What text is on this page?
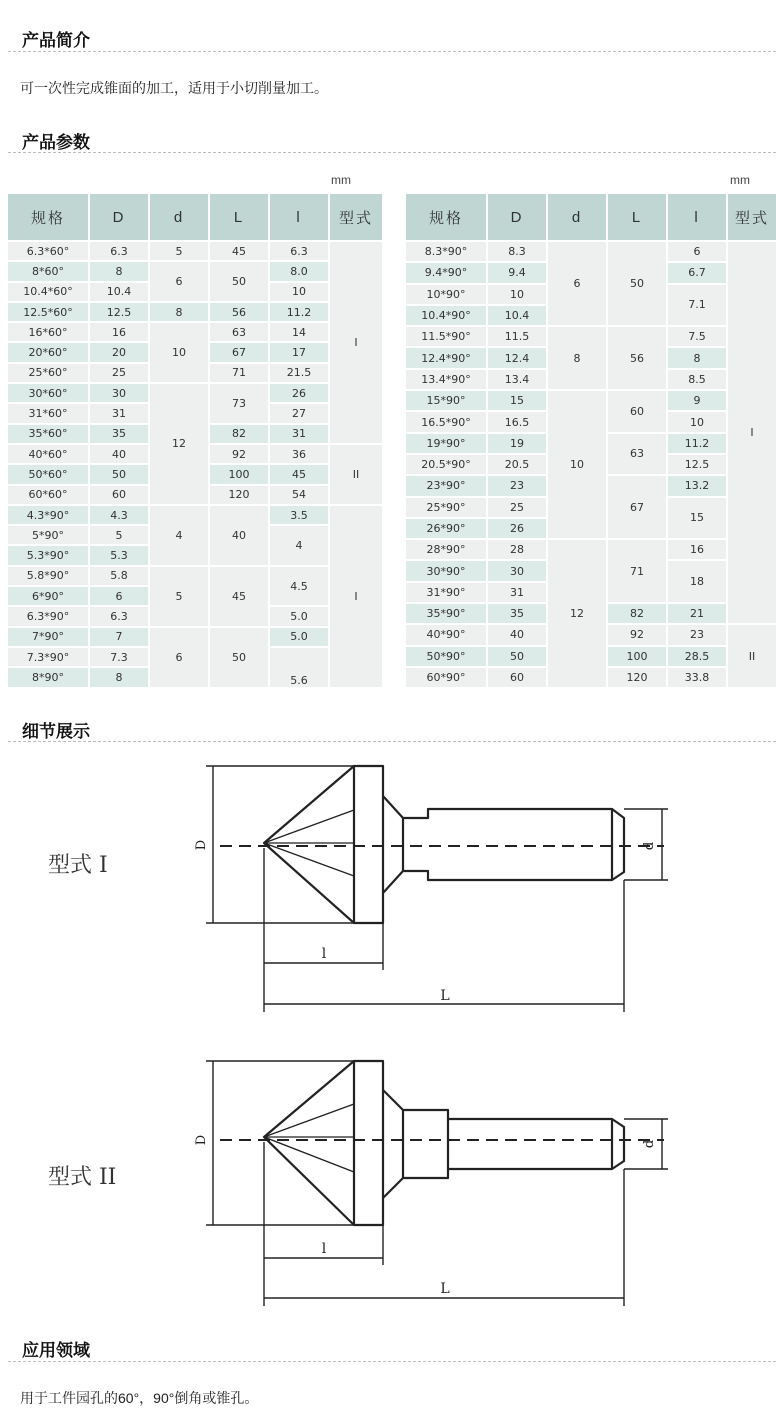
产品简介
可一次性完成锥面的加工，适用于小切削量加工。
产品参数
mm	mm
规格	D	d	L	l	型式
6.3*60°	6.3	5	45	6.3	I
8*60°	8	6	50	8.0	
10.4*60°	10.4			10	
12.5*60°	12.5	8	56	11.2	
16*60°	16	10	63	14	
20*60°	20		67	17	
25*60°	25		71	21.5	
30*60°	30	12	73	26	
31*60°	31			27	
35*60°	35		82	31	
40*60°	40		92	36	II
50*60°	50		100	45	
60*60°	60		120	54	
4.3*90°	4.3	4	40	3.5	I
5*90°	5			4	
5.3*90°	5.3				
5.8*90°	5.8	5	45	4.5	
6*90°	6				
6.3*90°	6.3			5.0	
7*90°	7	6	50	5.0	
7.3*90°	7.3			5.6	
8*90°	8				
规格	D	d	L	l	型式
8.3*90°	8.3	6	50	6	I
9.4*90°	9.4			6.7	
10*90°	10			7.1	
10.4*90°	10.4				
11.5*90°	11.5	8	56	7.5	
12.4*90°	12.4			8	
13.4*90°	13.4			8.5	
15*90°	15	10	60	9	
16.5*90°	16.5			10	
19*90°	19		63	11.2	
20.5*90°	20.5			12.5	
23*90°	23		67	13.2	
25*90°	25			15	
26*90°	26				
28*90°	28	12	71	16	
30*90°	30			18	
31*90°	31				
35*90°	35		82	21	
40*90°	40		92	23	II
50*90°	50		100	28.5	
60*90°	60		120	33.8	
细节展示
D	d
l
L
型式 I
D	d
l
L
型式 II
应用领域
用于工件园孔的60°，90°倒角或锥孔。
